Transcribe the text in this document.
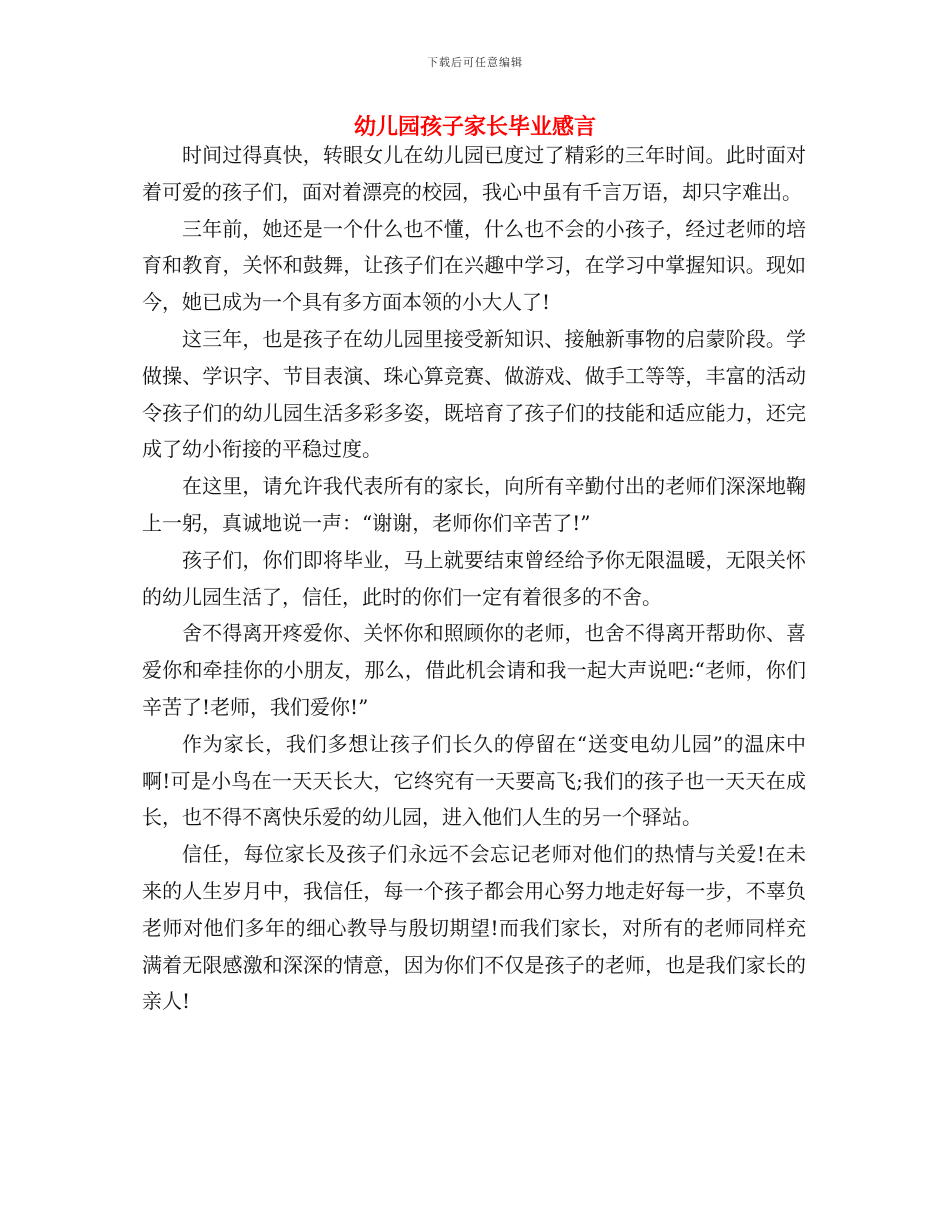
下载后可任意编辑
幼儿园孩子家长毕业感言

时间过得真快，转眼女儿在幼儿园已度过了精彩的三年时间。此时面对着可爱的孩子们，面对着漂亮的校园，我心中虽有千言万语，却只字难出。

三年前，她还是一个什么也不懂，什么也不会的小孩子，经过老师的培育和教育，关怀和鼓舞，让孩子们在兴趣中学习，在学习中掌握知识。现如今，她已成为一个具有多方面本领的小大人了!

这三年，也是孩子在幼儿园里接受新知识、接触新事物的启蒙阶段。学做操、学识字、节目表演、珠心算竞赛、做游戏、做手工等等，丰富的活动令孩子们的幼儿园生活多彩多姿，既培育了孩子们的技能和适应能力，还完成了幼小衔接的平稳过度。

在这里，请允许我代表所有的家长，向所有辛勤付出的老师们深深地鞠上一躬，真诚地说一声：“谢谢，老师你们辛苦了!”

孩子们，你们即将毕业，马上就要结束曾经给予你无限温暖，无限关怀的幼儿园生活了，信任，此时的你们一定有着很多的不舍。

舍不得离开疼爱你、关怀你和照顾你的老师，也舍不得离开帮助你、喜爱你和牵挂你的小朋友，那么，借此机会请和我一起大声说吧:“老师，你们辛苦了!老师，我们爱你!”

作为家长，我们多想让孩子们长久的停留在“送变电幼儿园”的温床中啊!可是小鸟在一天天长大，它终究有一天要高飞;我们的孩子也一天天在成长，也不得不离快乐爱的幼儿园，进入他们人生的另一个驿站。

信任，每位家长及孩子们永远不会忘记老师对他们的热情与关爱!在未来的人生岁月中，我信任，每一个孩子都会用心努力地走好每一步，不辜负老师对他们多年的细心教导与殷切期望!而我们家长，对所有的老师同样充满着无限感激和深深的情意，因为你们不仅是孩子的老师，也是我们家长的亲人!
